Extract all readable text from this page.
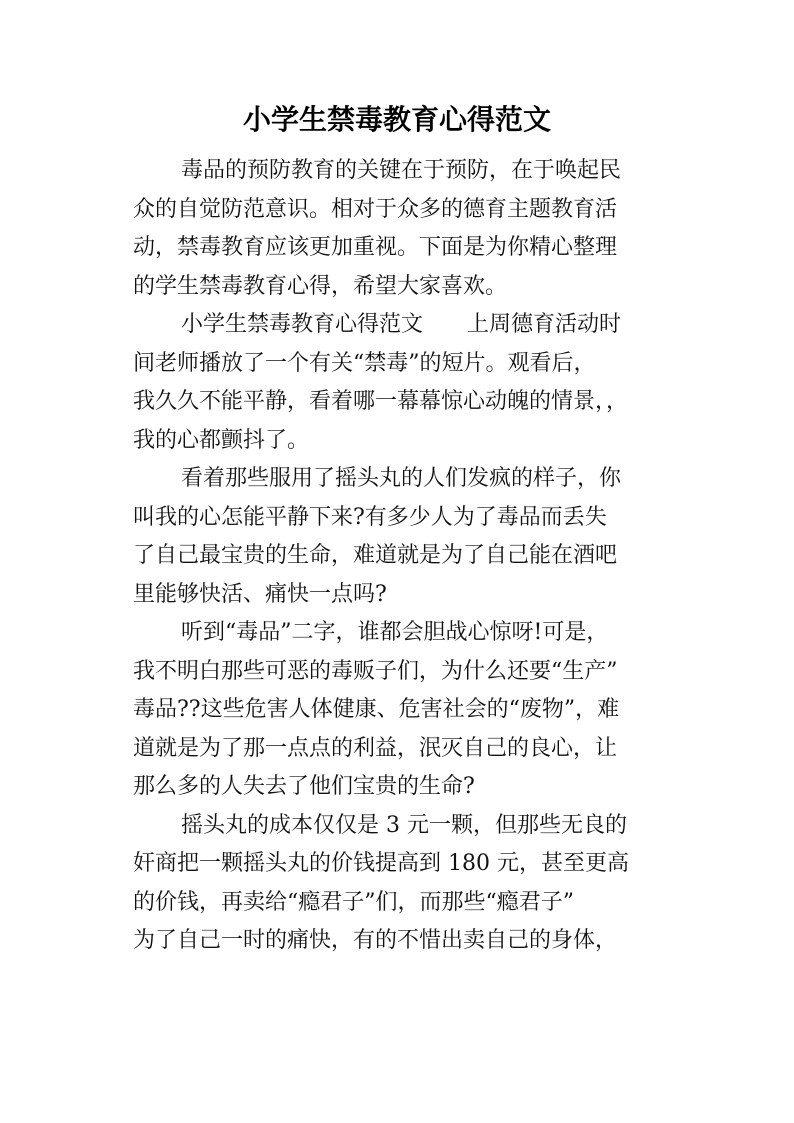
小学生禁毒教育心得范文

毒品的预防教育的关键在于预防，在于唤起民
众的自觉防范意识。相对于众多的德育主题教育活
动，禁毒教育应该更加重视。下面是为你精心整理
的学生禁毒教育心得，希望大家喜欢。

小学生禁毒教育心得范文　　上周德育活动时
间老师播放了一个有关“禁毒”的短片。观看后，
我久久不能平静，看着哪一幕幕惊心动魄的情景，，
我的心都颤抖了。

看着那些服用了摇头丸的人们发疯的样子，你
叫我的心怎能平静下来?有多少人为了毒品而丢失
了自己最宝贵的生命，难道就是为了自己能在酒吧
里能够快活、痛快一点吗?

听到“毒品”二字，谁都会胆战心惊呀!可是，
我不明白那些可恶的毒贩子们，为什么还要“生产”
毒品??这些危害人体健康、危害社会的“废物”，难
道就是为了那一点点的利益，泯灭自己的良心，让
那么多的人失去了他们宝贵的生命?

摇头丸的成本仅仅是 3 元一颗，但那些无良的
奸商把一颗摇头丸的价钱提高到 180 元，甚至更高
的价钱，再卖给“瘾君子”们，而那些“瘾君子”
为了自己一时的痛快，有的不惜出卖自己的身体，
